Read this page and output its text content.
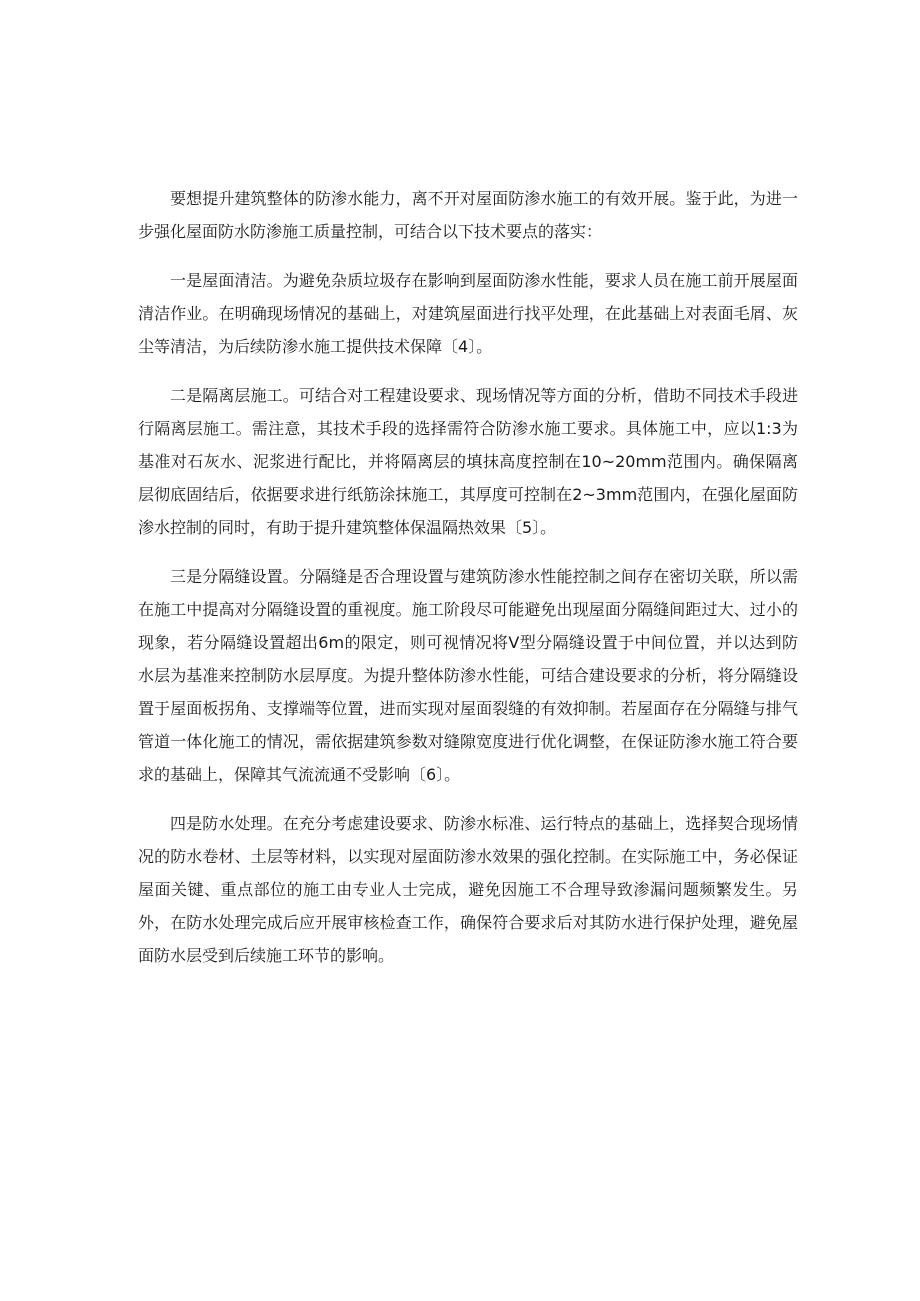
要想提升建筑整体的防渗水能力，离不开对屋面防渗水施工的有效开展。鉴于此，为进一步强化屋面防水防渗施工质量控制，可结合以下技术要点的落实：

一是屋面清洁。为避免杂质垃圾存在影响到屋面防渗水性能，要求人员在施工前开展屋面清洁作业。在明确现场情况的基础上，对建筑屋面进行找平处理，在此基础上对表面毛屑、灰尘等清洁，为后续防渗水施工提供技术保障〔4〕。

二是隔离层施工。可结合对工程建设要求、现场情况等方面的分析，借助不同技术手段进行隔离层施工。需注意，其技术手段的选择需符合防渗水施工要求。具体施工中，应以1:3为基准对石灰水、泥浆进行配比，并将隔离层的填抹高度控制在10~20mm范围内。确保隔离层彻底固结后，依据要求进行纸筋涂抹施工，其厚度可控制在2~3mm范围内，在强化屋面防渗水控制的同时，有助于提升建筑整体保温隔热效果〔5〕。

三是分隔缝设置。分隔缝是否合理设置与建筑防渗水性能控制之间存在密切关联，所以需在施工中提高对分隔缝设置的重视度。施工阶段尽可能避免出现屋面分隔缝间距过大、过小的现象，若分隔缝设置超出6m的限定，则可视情况将V型分隔缝设置于中间位置，并以达到防水层为基准来控制防水层厚度。为提升整体防渗水性能，可结合建设要求的分析，将分隔缝设置于屋面板拐角、支撑端等位置，进而实现对屋面裂缝的有效抑制。若屋面存在分隔缝与排气管道一体化施工的情况，需依据建筑参数对缝隙宽度进行优化调整，在保证防渗水施工符合要求的基础上，保障其气流流通不受影响〔6〕。

四是防水处理。在充分考虑建设要求、防渗水标准、运行特点的基础上，选择契合现场情况的防水卷材、土层等材料，以实现对屋面防渗水效果的强化控制。在实际施工中，务必保证屋面关键、重点部位的施工由专业人士完成，避免因施工不合理导致渗漏问题频繁发生。另外，在防水处理完成后应开展审核检查工作，确保符合要求后对其防水进行保护处理，避免屋面防水层受到后续施工环节的影响。
